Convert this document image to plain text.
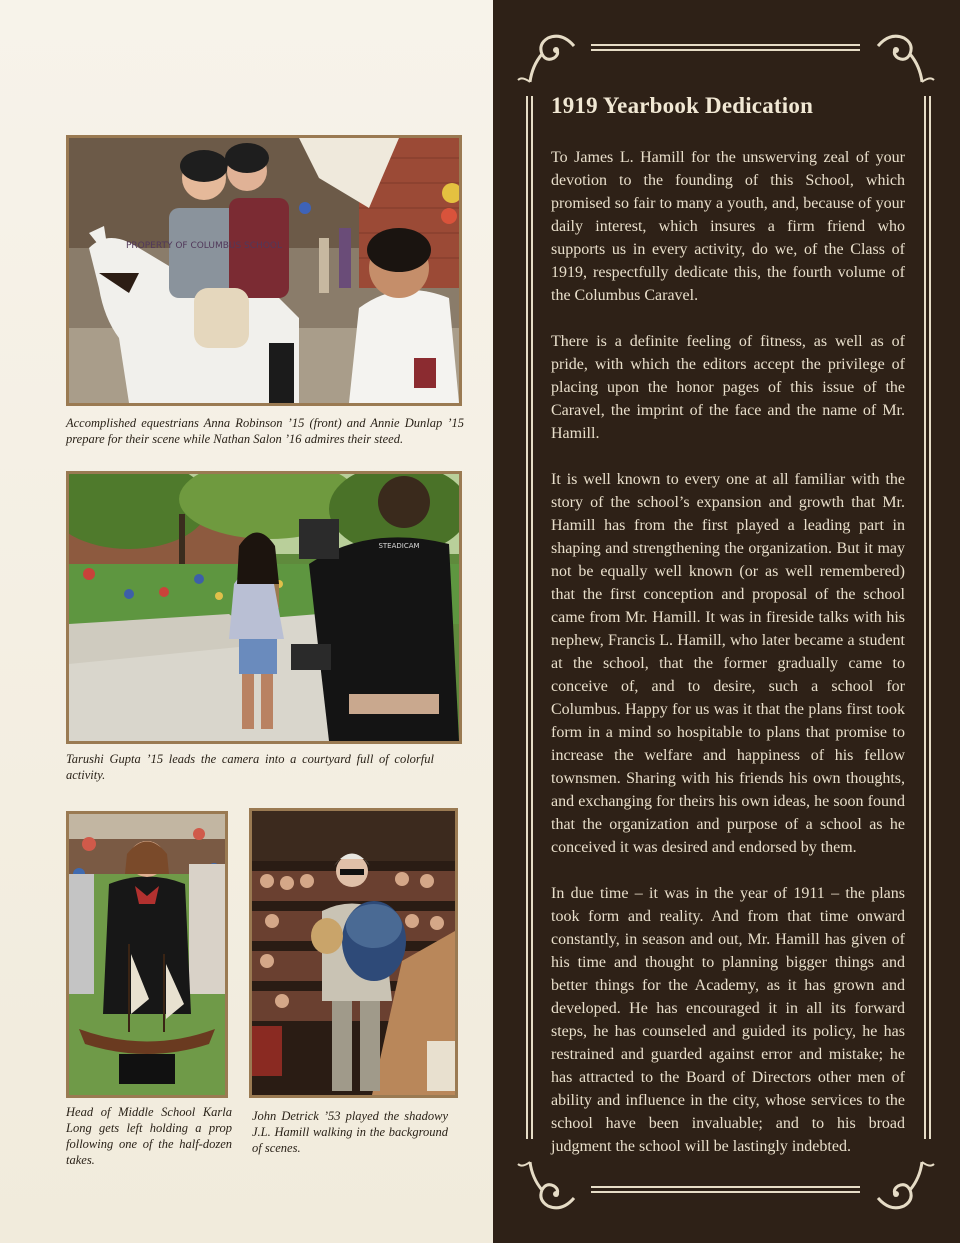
PROPERTY OF COLUMBUS SCHOOL

Accomplished equestrians Anna Robinson ’15 (front) and Annie Dunlap ’15 prepare for their scene while Nathan Salon ’16 admires their steed.

STEADICAM

Tarushi Gupta ’15 leads the camera into a courtyard full of colorful activity.

Head of Middle School Karla Long gets left holding a prop following one of the half-dozen takes.

John Detrick ’53 played the shadowy J.L. Hamill walking in the background of scenes.

1919 Yearbook Dedication

To James L. Hamill for the unswerving zeal of your devotion to the founding of this School, which promised so fair to many a youth, and, because of your daily interest, which insures a firm friend who supports us in every activity, do we, of the Class of 1919, respectfully dedicate this, the fourth volume of the Columbus Caravel.

There is a definite feeling of fitness, as well as of pride, with which the editors accept the privilege of placing upon the honor pages of this issue of the Caravel, the imprint of the face and the name of Mr. Hamill.

It is well known to every one at all familiar with the story of the school’s expansion and growth that Mr. Hamill has from the first played a leading part in shaping and strengthening the organization. But it may not be equally well known (or as well remembered) that the first conception and proposal of the school came from Mr. Hamill. It was in fireside talks with his nephew, Francis L. Hamill, who later became a student at the school, that the former gradually came to conceive of, and to desire, such a school for Columbus. Happy for us was it that the plans first took form in a mind so hospitable to plans that promise to increase the welfare and happiness of his fellow townsmen. Sharing with his friends his own thoughts, and exchanging for theirs his own ideas, he soon found that the organization and purpose of a school as he conceived it was desired and endorsed by them.

In due time – it was in the year of 1911 – the plans took form and reality. And from that time onward constantly, in season and out, Mr. Hamill has given of his time and thought to planning bigger things and better things for the Academy, as it has grown and developed. He has encouraged it in all its forward steps, he has counseled and guided its policy, he has restrained and guarded against error and mistake; he has attracted to the Board of Directors other men of ability and influence in the city, whose services to the school have been invaluable; and to his broad judgment the school will be lastingly indebted.
